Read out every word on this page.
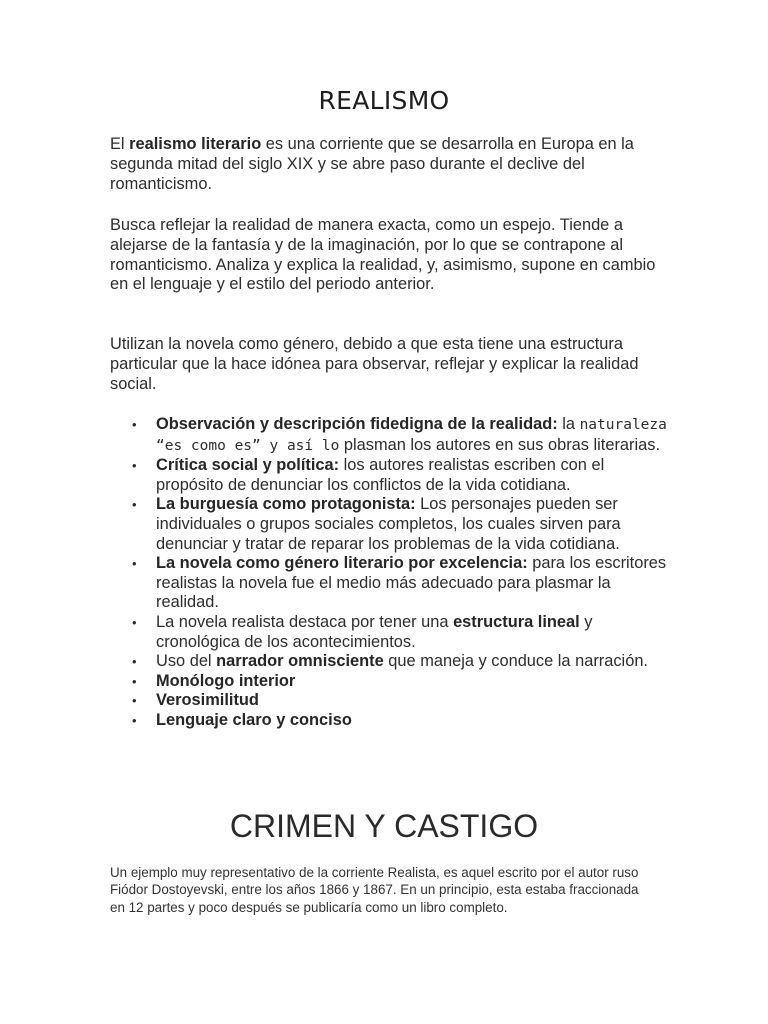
REALISMO

El realismo literario es una corriente que se desarrolla en Europa en la segunda mitad del siglo XIX y se abre paso durante el declive del romanticismo.

Busca reflejar la realidad de manera exacta, como un espejo. Tiende a alejarse de la fantasía y de la imaginación, por lo que se contrapone al romanticismo. Analiza y explica la realidad, y, asimismo, supone en cambio en el lenguaje y el estilo del periodo anterior.

Utilizan la novela como género, debido a que esta tiene una estructura particular que la hace idónea para observar, reflejar y explicar la realidad social.

• Observación y descripción fidedigna de la realidad: la naturaleza “es como es” y así lo plasman los autores en sus obras literarias.
• Crítica social y política: los autores realistas escriben con el propósito de denunciar los conflictos de la vida cotidiana.
• La burguesía como protagonista: Los personajes pueden ser individuales o grupos sociales completos, los cuales sirven para denunciar y tratar de reparar los problemas de la vida cotidiana.
• La novela como género literario por excelencia: para los escritores realistas la novela fue el medio más adecuado para plasmar la realidad.
• La novela realista destaca por tener una estructura lineal y cronológica de los acontecimientos.
• Uso del narrador omnisciente que maneja y conduce la narración.
• Monólogo interior
• Verosimilitud
• Lenguaje claro y conciso
CRIMEN Y CASTIGO

Un ejemplo muy representativo de la corriente Realista, es aquel escrito por el autor ruso Fiódor Dostoyevski, entre los años 1866 y 1867. En un principio, esta estaba fraccionada en 12 partes y poco después se publicaría como un libro completo.
